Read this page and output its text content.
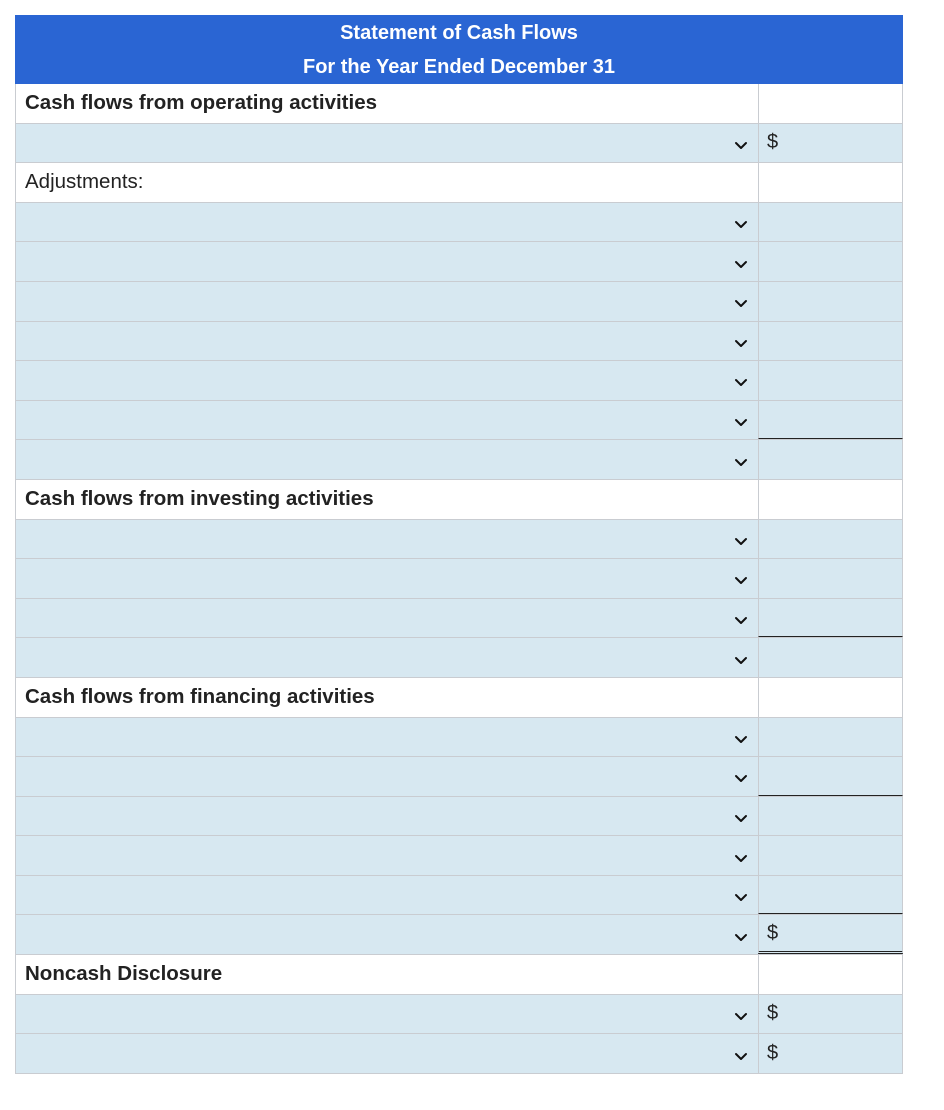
Statement of Cash Flows
For the Year Ended December 31
Cash flows from operating activities
$
Adjustments:
Cash flows from investing activities
Cash flows from financing activities
$
Noncash Disclosure
$
$
